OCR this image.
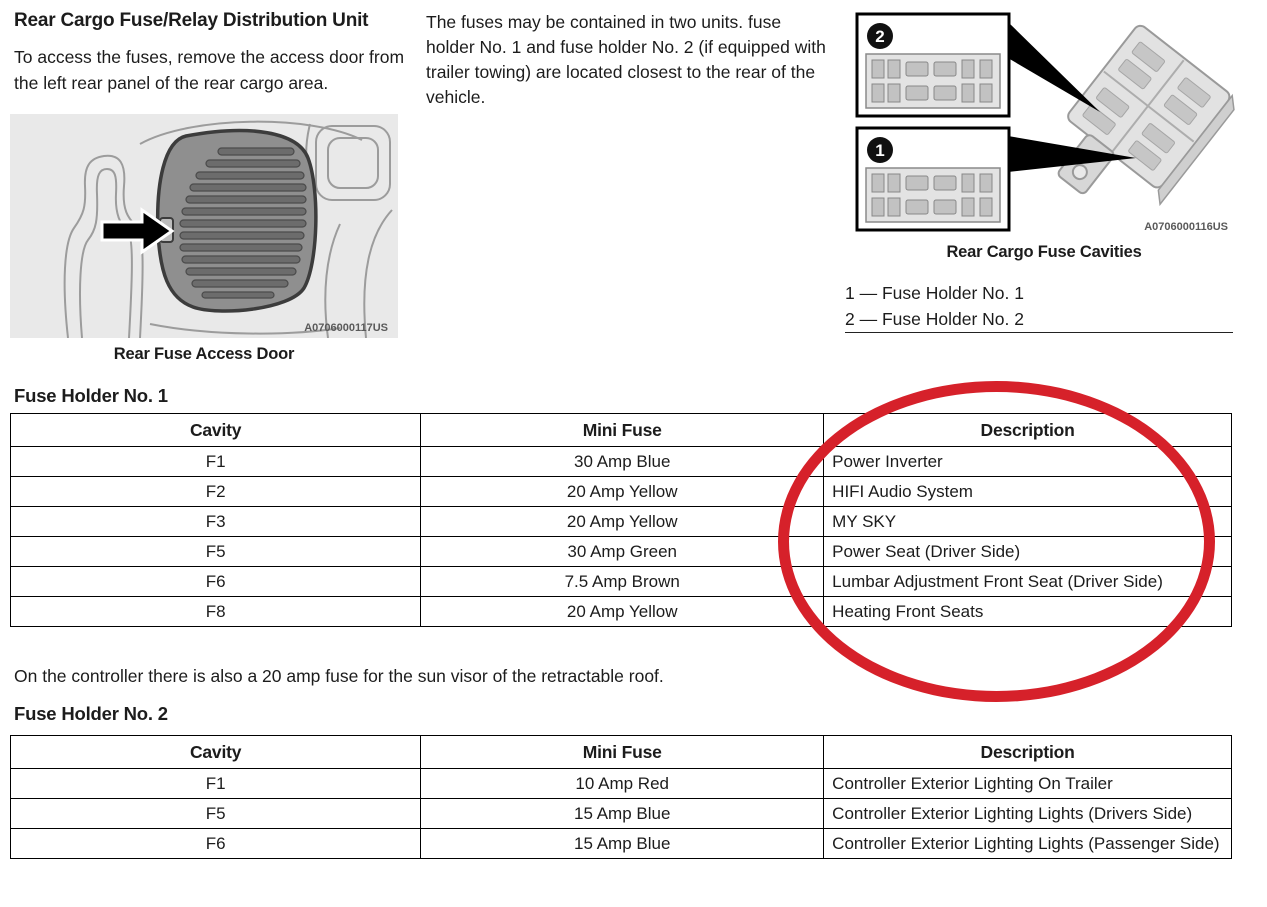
Rear Cargo Fuse/Relay Distribution Unit
To access the fuses, remove the access door from the left rear panel of the rear cargo area.
The fuses may be contained in two units. fuse holder No. 1 and fuse holder No. 2 (if equipped with trailer towing) are located closest to the rear of the vehicle.
A0706000117US
Rear Fuse Access Door
2
1
A0706000116US
Rear Cargo Fuse Cavities
1 — Fuse Holder No. 1
2 — Fuse Holder No. 2
Fuse Holder No. 1
Cavity	Mini Fuse	Description
F1	30 Amp Blue	Power Inverter
F2	20 Amp Yellow	HIFI Audio System
F3	20 Amp Yellow	MY SKY
F5	30 Amp Green	Power Seat (Driver Side)
F6	7.5 Amp Brown	Lumbar Adjustment Front Seat (Driver Side)
F8	20 Amp Yellow	Heating Front Seats
On the controller there is also a 20 amp fuse for the sun visor of the retractable roof.
Fuse Holder No. 2
Cavity	Mini Fuse	Description
F1	10 Amp Red	Controller Exterior Lighting On Trailer
F5	15 Amp Blue	Controller Exterior Lighting Lights (Drivers Side)
F6	15 Amp Blue	Controller Exterior Lighting Lights (Passenger Side)
